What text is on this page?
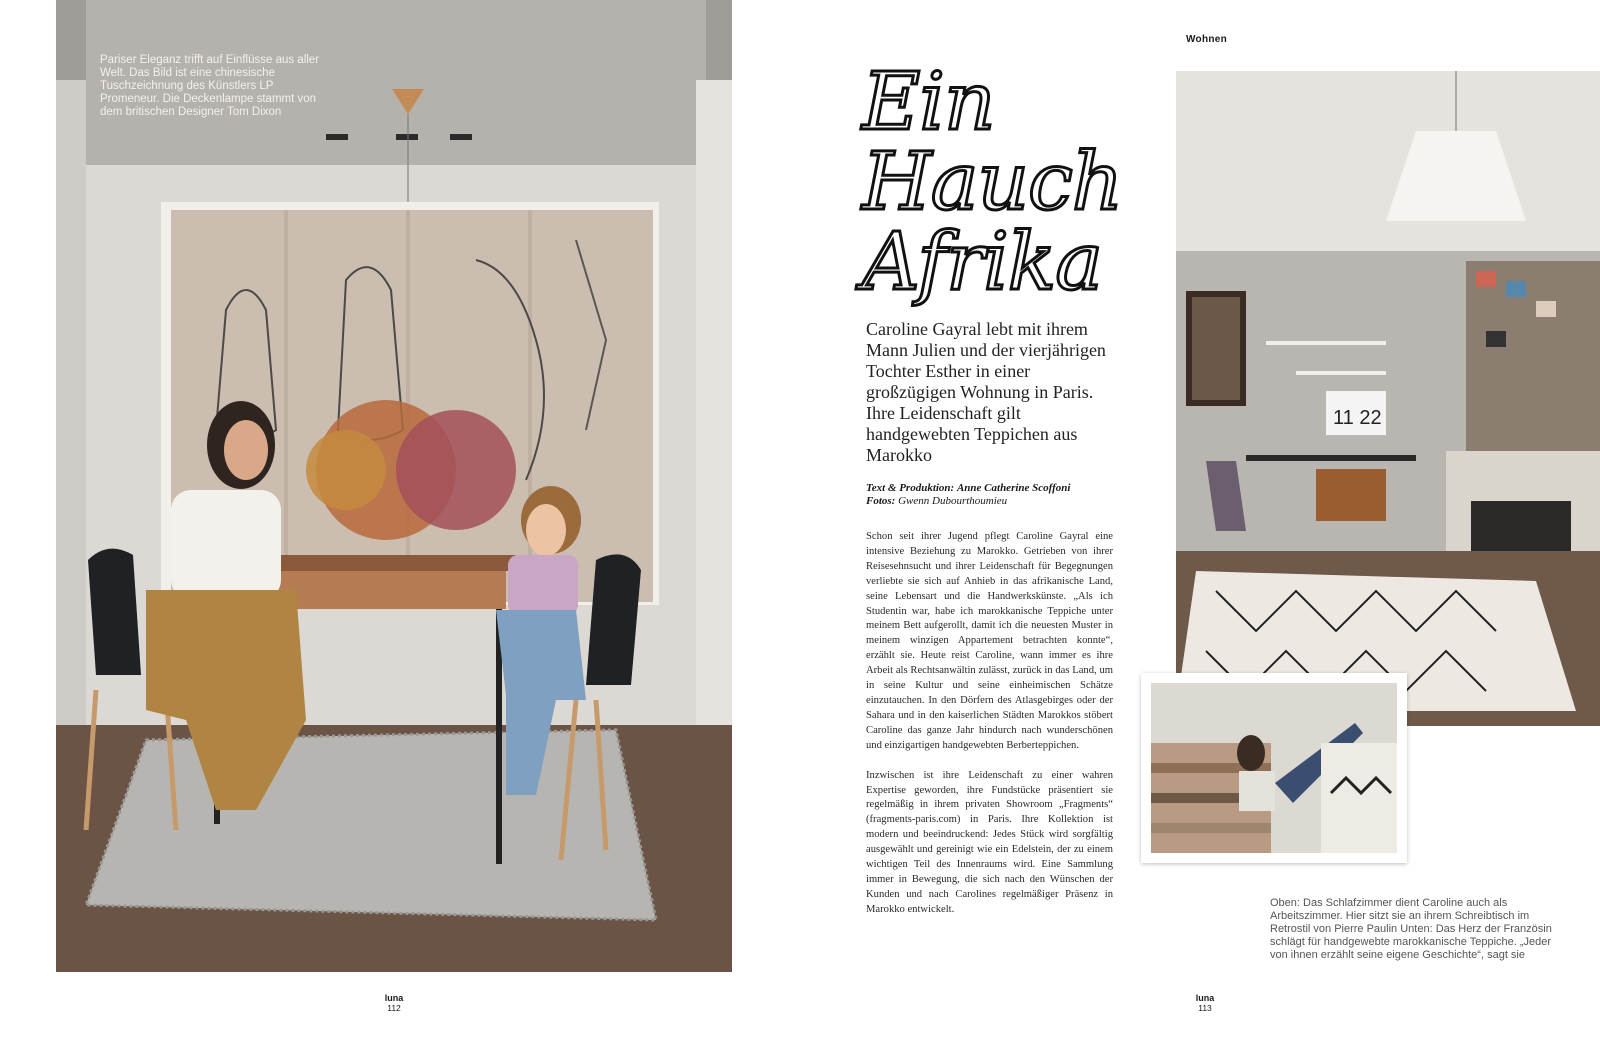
Pariser Eleganz trifft auf Einflüsse aus aller Welt. Das Bild ist eine chinesische Tuschzeichnung des Künstlers LP Promeneur. Die Deckenlampe stammt von dem britischen Designer Tom Dixon
luna
112
Wohnen
Ein
Hauch
Afrika
Caroline Gayral lebt mit ihrem Mann Julien und der vierjährigen Tochter Esther in einer großzügigen Wohnung in Paris. Ihre Leidenschaft gilt handgewebten Teppichen aus Marokko
Text & Produktion: Anne Catherine Scoffoni
Fotos: Gwenn Dubourthoumieu

Schon seit ihrer Jugend pflegt Caroline Gayral eine intensive Beziehung zu Marokko. Getrieben von ihrer Reisesehnsucht und ihrer Leidenschaft für Begegnungen verliebte sie sich auf Anhieb in das afrikanische Land, seine Lebensart und die Handwerkskünste. „Als ich Studentin war, habe ich marokkanische Teppiche unter meinem Bett aufgerollt, damit ich die neuesten Muster in meinem winzigen Appartement betrachten konnte“, erzählt sie. Heute reist Caroline, wann immer es ihre Arbeit als Rechtsanwältin zulässt, zurück in das Land, um in seine Kultur und seine einheimischen Schätze einzutauchen. In den Dörfern des Atlasgebirges oder der Sahara und in den kaiserlichen Städten Marokkos stöbert Caroline das ganze Jahr hindurch nach wunderschönen und einzigartigen handgewebten Berberteppichen.

Inzwischen ist ihre Leidenschaft zu einer wahren Expertise geworden, ihre Fundstücke präsentiert sie regelmäßig in ihrem privaten Showroom „Fragments“ (fragments-paris.com) in Paris. Ihre Kollektion ist modern und beeindruckend: Jedes Stück wird sorgfältig ausgewählt und gereinigt wie ein Edelstein, der zu einem wichtigen Teil des Innenraums wird. Eine Sammlung immer in Bewegung, die sich nach den Wünschen der Kunden und nach Carolines regelmäßiger Präsenz in Marokko entwickelt.

11 22
Oben: Das Schlafzimmer dient Caroline auch als Arbeitszimmer. Hier sitzt sie an ihrem Schreibtisch im Retrostil von Pierre Paulin Unten: Das Herz der Französin schlägt für handgewebte marokkanische Teppiche. „Jeder von ihnen erzählt seine eigene Geschichte“, sagt sie
luna
113
